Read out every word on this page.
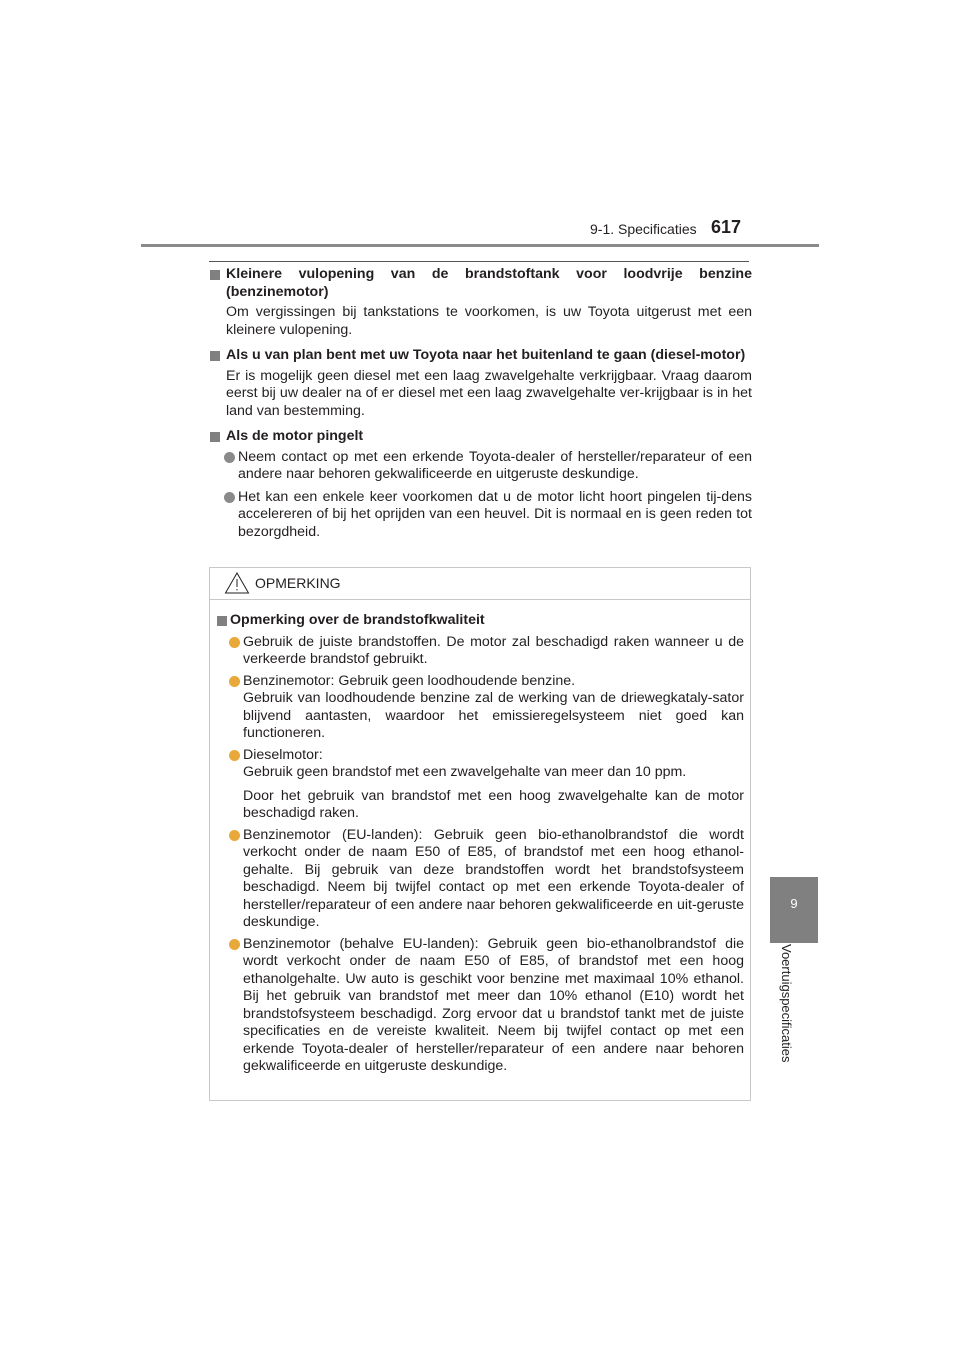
9-1. Specificaties 617
9
Voertuigspecificaties
Kleinere vulopening van de brandstoftank voor loodvrije benzine (benzinemotor)
Om vergissingen bij tankstations te voorkomen, is uw Toyota uitgerust met een kleinere vulopening.
Als u van plan bent met uw Toyota naar het buitenland te gaan (diesel-motor)
Er is mogelijk geen diesel met een laag zwavelgehalte verkrijgbaar. Vraag daarom eerst bij uw dealer na of er diesel met een laag zwavelgehalte ver-krijgbaar is in het land van bestemming.
Als de motor pingelt
Neem contact op met een erkende Toyota-dealer of hersteller/reparateur of een andere naar behoren gekwalificeerde en uitgeruste deskundige.
Het kan een enkele keer voorkomen dat u de motor licht hoort pingelen tij-dens accelereren of bij het oprijden van een heuvel. Dit is normaal en is geen reden tot bezorgdheid.
OPMERKING
Opmerking over de brandstofkwaliteit
Gebruik de juiste brandstoffen. De motor zal beschadigd raken wanneer u de verkeerde brandstof gebruikt.
Benzinemotor: Gebruik geen loodhoudende benzine.
Gebruik van loodhoudende benzine zal de werking van de driewegkataly-sator blijvend aantasten, waardoor het emissieregelsysteem niet goed kan functioneren.
Dieselmotor:
Gebruik geen brandstof met een zwavelgehalte van meer dan 10 ppm.
Door het gebruik van brandstof met een hoog zwavelgehalte kan de motor beschadigd raken.
Benzinemotor (EU-landen): Gebruik geen bio-ethanolbrandstof die wordt verkocht onder de naam E50 of E85, of brandstof met een hoog ethanol-gehalte. Bij gebruik van deze brandstoffen wordt het brandstofsysteem beschadigd. Neem bij twijfel contact op met een erkende Toyota-dealer of hersteller/reparateur of een andere naar behoren gekwalificeerde en uit-geruste deskundige.
Benzinemotor (behalve EU-landen): Gebruik geen bio-ethanolbrandstof die wordt verkocht onder de naam E50 of E85, of brandstof met een hoog ethanolgehalte. Uw auto is geschikt voor benzine met maximaal 10% ethanol. Bij het gebruik van brandstof met meer dan 10% ethanol (E10) wordt het brandstofsysteem beschadigd. Zorg ervoor dat u brandstof tankt met de juiste specificaties en de vereiste kwaliteit. Neem bij twijfel contact op met een erkende Toyota-dealer of hersteller/reparateur of een andere naar behoren gekwalificeerde en uitgeruste deskundige.
